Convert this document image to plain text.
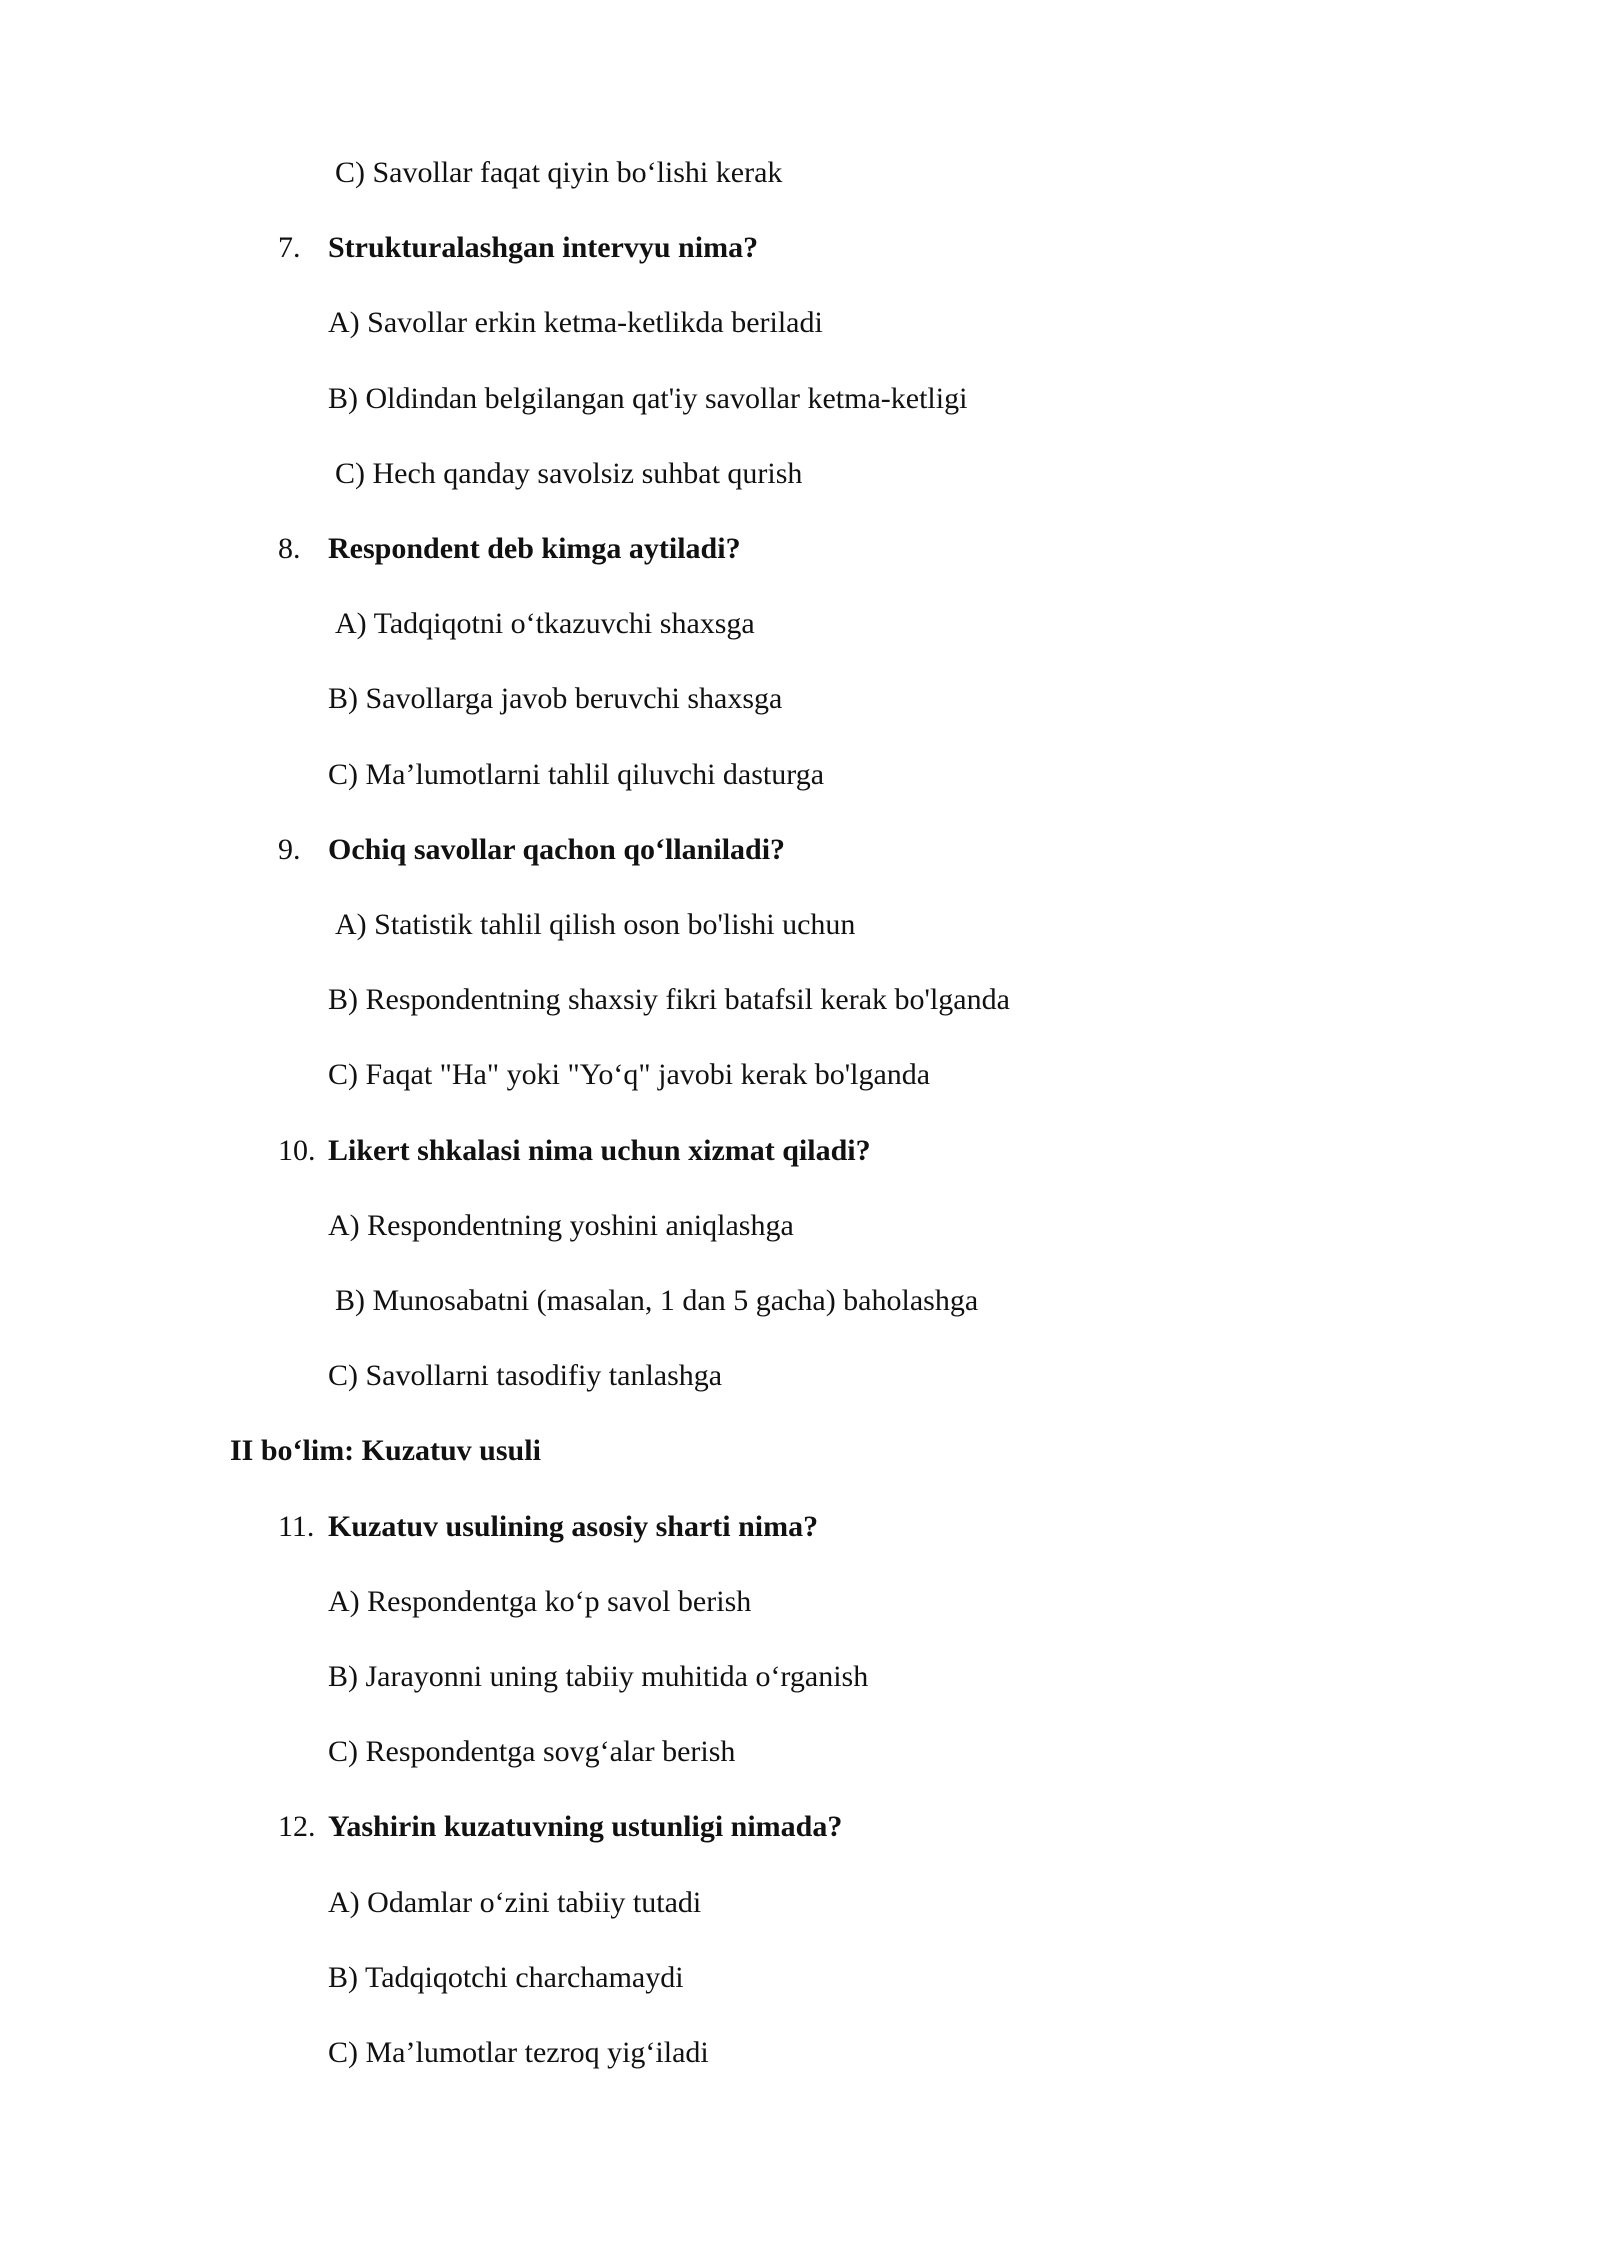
C) Savollar faqat qiyin bo‘lishi kerak
7. Strukturalashgan intervyu nima?
A) Savollar erkin ketma-ketlikda beriladi
B) Oldindan belgilangan qat'iy savollar ketma-ketligi
C) Hech qanday savolsiz suhbat qurish
8. Respondent deb kimga aytiladi?
A) Tadqiqotni o‘tkazuvchi shaxsga
B) Savollarga javob beruvchi shaxsga
C) Ma’lumotlarni tahlil qiluvchi dasturga
9. Ochiq savollar qachon qo‘llaniladi?
A) Statistik tahlil qilish oson bo'lishi uchun
B) Respondentning shaxsiy fikri batafsil kerak bo'lganda
C) Faqat "Ha" yoki "Yo‘q" javobi kerak bo'lganda
10. Likert shkalasi nima uchun xizmat qiladi?
A) Respondentning yoshini aniqlashga
B) Munosabatni (masalan, 1 dan 5 gacha) baholashga
C) Savollarni tasodifiy tanlashga
II bo‘lim: Kuzatuv usuli
11. Kuzatuv usulining asosiy sharti nima?
A) Respondentga ko‘p savol berish
B) Jarayonni uning tabiiy muhitida o‘rganish
C) Respondentga sovg‘alar berish
12. Yashirin kuzatuvning ustunligi nimada?
A) Odamlar o‘zini tabiiy tutadi
B) Tadqiqotchi charchamaydi
C) Ma’lumotlar tezroq yig‘iladi
